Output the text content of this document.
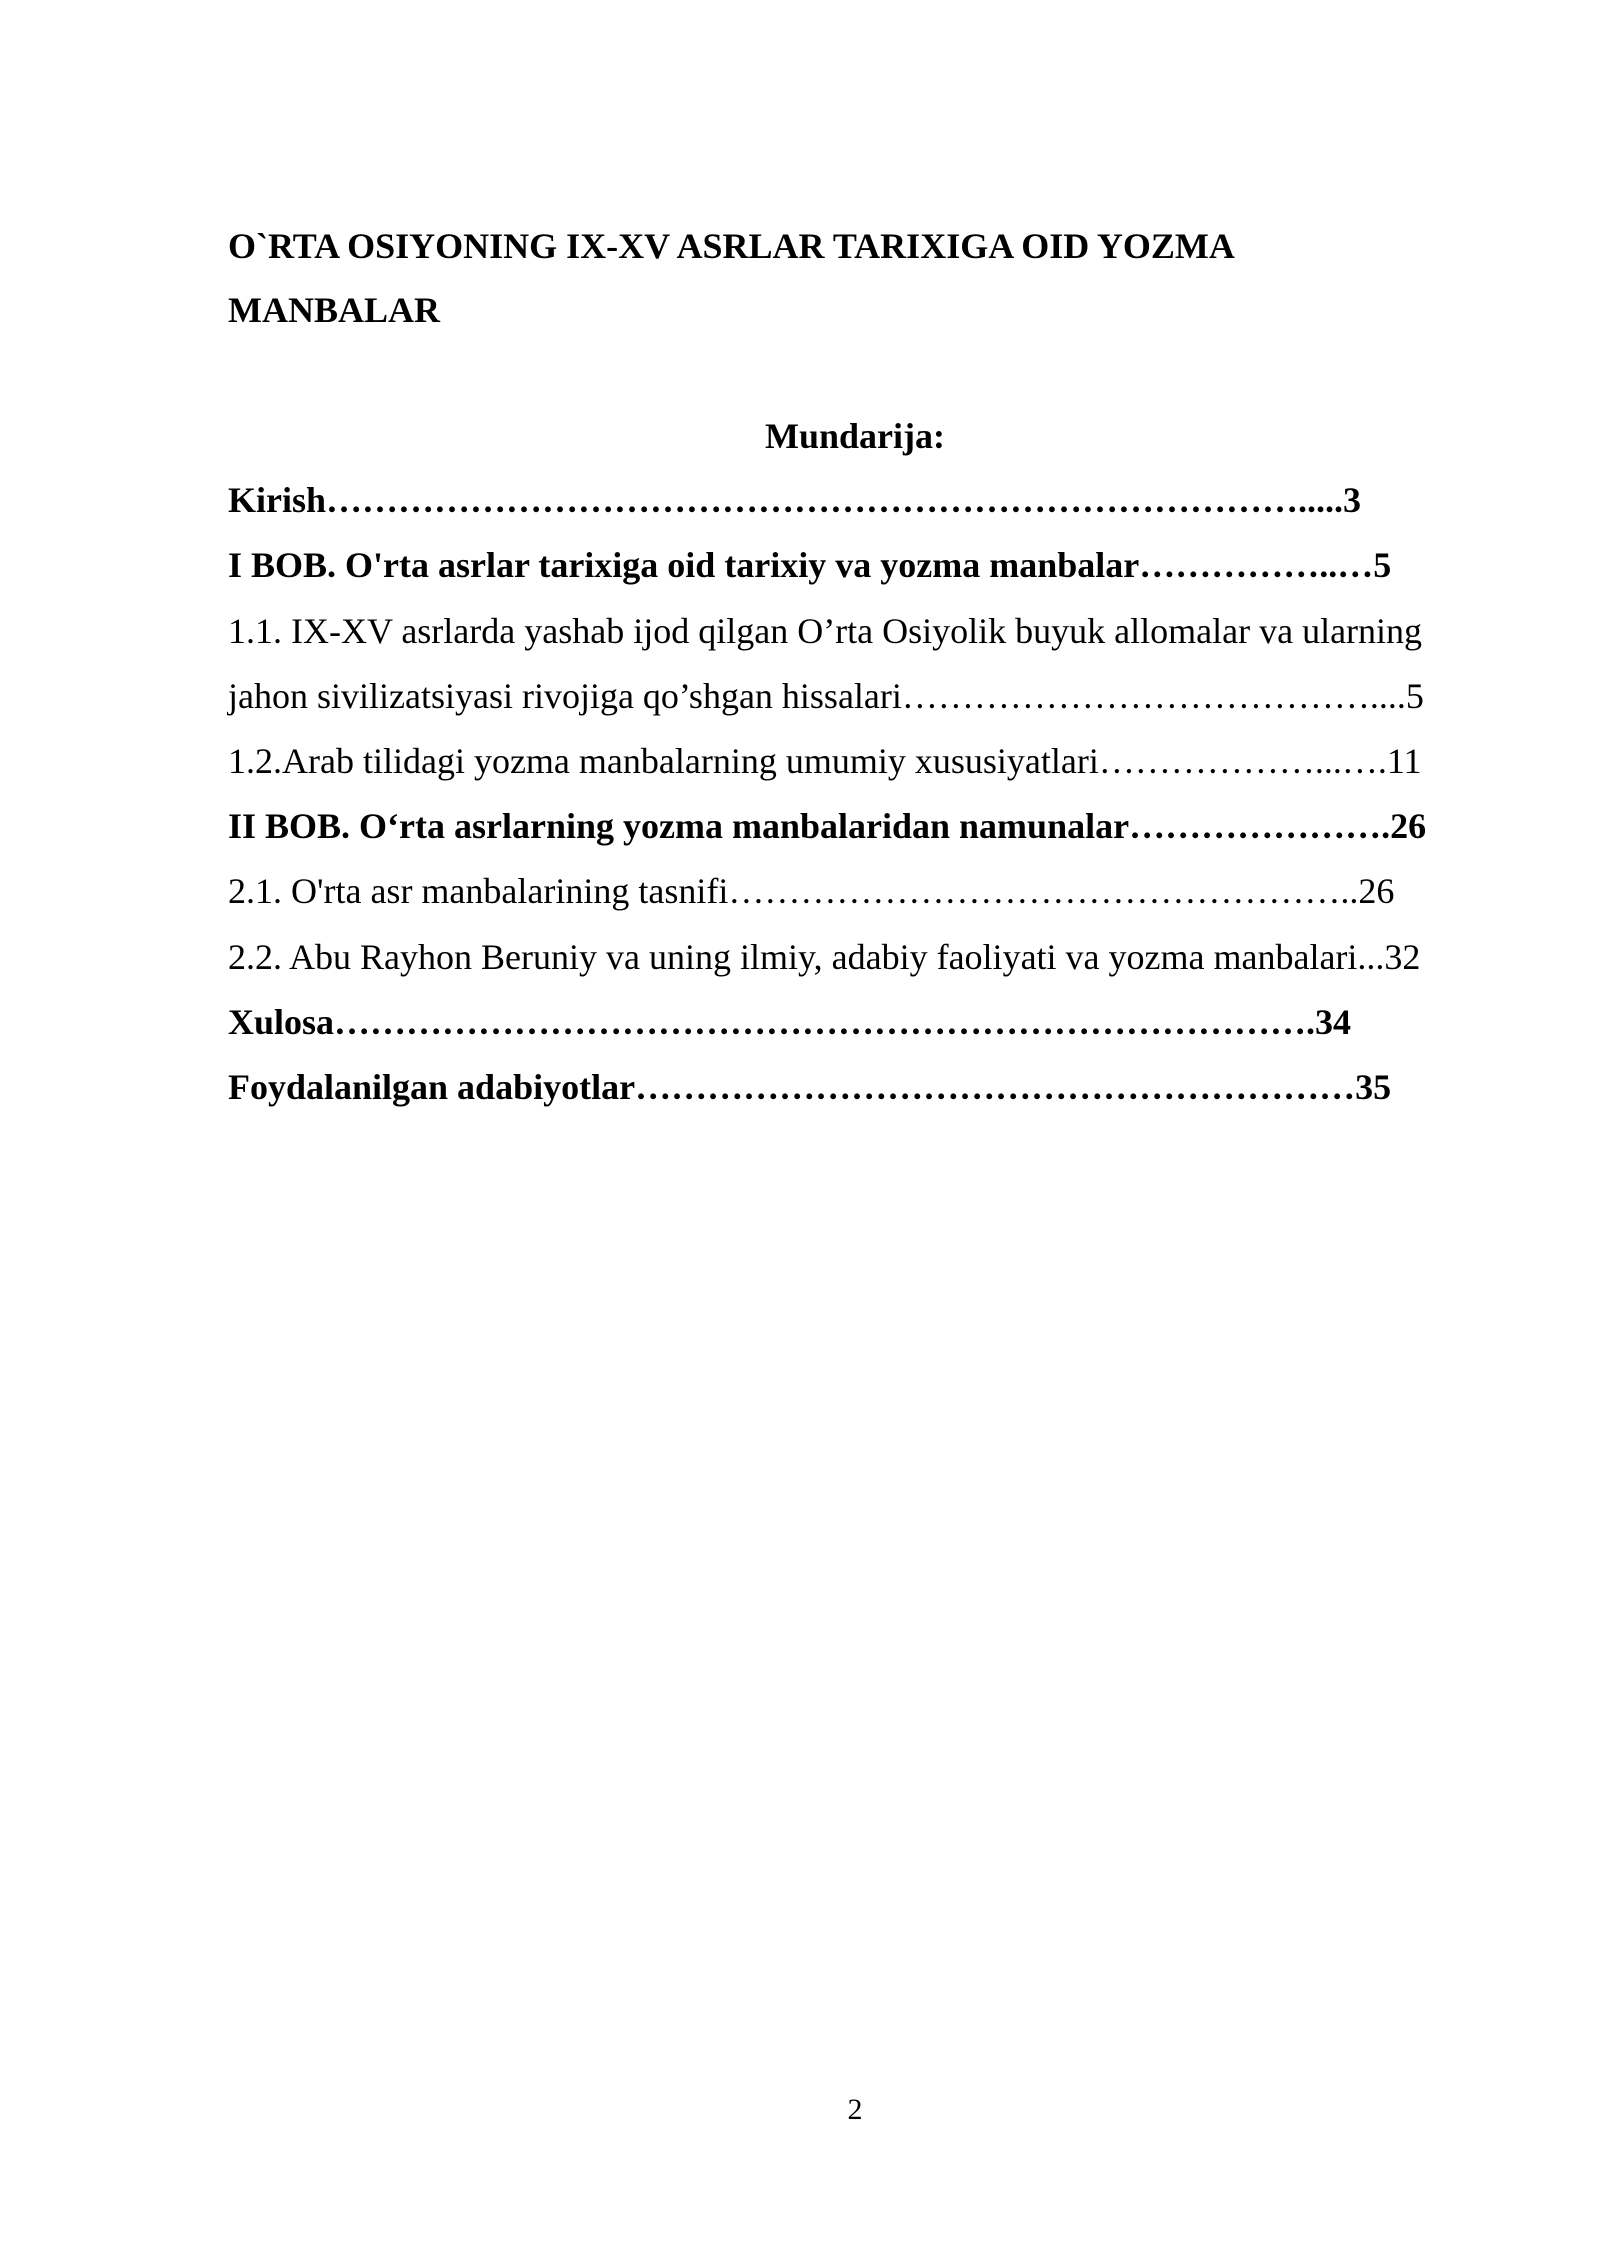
O`RTA OSIYONING IX-XV ASRLAR TARIXIGA OID YOZMA
MANBALAR
Mundarija:
Kirish……………………………………………………………………….....3
I BOB. O'rta asrlar tarixiga oid tarixiy va yozma manbalar……………..…5
1.1. IX-XV asrlarda yashab ijod qilgan O’rta Osiyolik buyuk allomalar va ularning
jahon sivilizatsiyasi rivojiga qo’shgan hissalari…………………………………....5
1.2.Arab tilidagi yozma manbalarning umumiy xususiyatlari………………...….11
II BOB. O‘rta asrlarning yozma manbalaridan namunalar………………….26
2.1. O'rta asr manbalarining tasnifi……………………………………………..26
2.2. Abu Rayhon Beruniy va uning ilmiy, adabiy faoliyati va yozma manbalari...32
Xulosa……………………………………………………………………….34
Foydalanilgan adabiyotlar……………………………………………………35
2
